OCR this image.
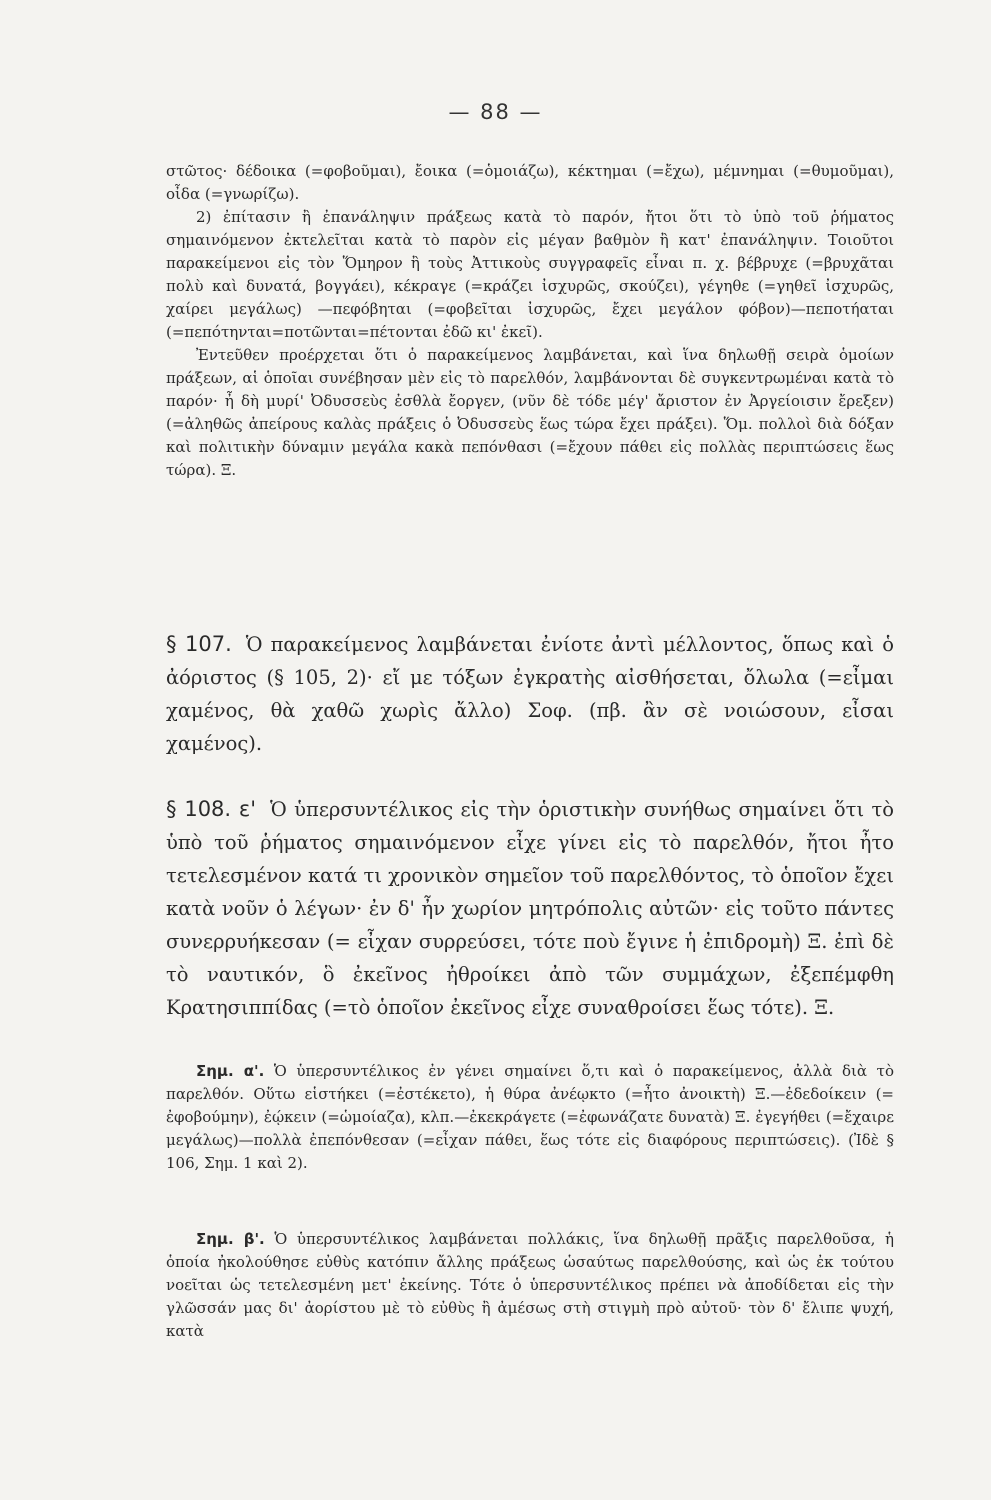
— 88 —

στῶτος· δέδοικα (=φοβοῦμαι), ἔοικα (=ὁμοιάζω), κέκτημαι (=ἔχω), μέμνημαι (=θυμοῦμαι), οἶδα (=γνωρίζω).

2) ἐπίτασιν ἢ ἐπανάληψιν πράξεως κατὰ τὸ παρόν, ἤτοι ὅτι τὸ ὑπὸ τοῦ ῥήματος σημαινόμενον ἐκτελεῖται κατὰ τὸ παρὸν εἰς μέγαν βαθμὸν ἢ κατ' ἐπανάληψιν. Τοιοῦτοι παρακείμενοι εἰς τὸν Ὅμηρον ἢ τοὺς Ἀττικοὺς συγγραφεῖς εἶναι π. χ. βέβρυχε (=βρυχᾶται πολὺ καὶ δυνατά, βογγάει), κέκραγε (=κράζει ἰσχυρῶς, σκούζει), γέγηθε (=γηθεῖ ἰσχυρῶς, χαίρει μεγάλως) —πεφόβηται (=φοβεῖται ἰσχυρῶς, ἔχει μεγάλον φόβον)—πεποτήαται (=πεπότηνται=ποτῶνται=πέτονται ἐδῶ κι' ἐκεῖ).

Ἐντεῦθεν προέρχεται ὅτι ὁ παρακείμενος λαμβάνεται, καὶ ἵνα δηλωθῇ σειρὰ ὁμοίων πράξεων, αἱ ὁποῖαι συνέβησαν μὲν εἰς τὸ παρελθόν, λαμβάνονται δὲ συγκεντρωμέναι κατὰ τὸ παρόν· ἦ δὴ μυρί' Ὀδυσσεὺς ἐσθλὰ ἔοργεν, (νῦν δὲ τόδε μέγ' ἄριστον ἐν Ἀργείοισιν ἔρεξεν) (=ἀληθῶς ἀπείρους καλὰς πράξεις ὁ Ὀδυσσεὺς ἕως τώρα ἔχει πράξει). Ὅμ. πολλοὶ διὰ δόξαν καὶ πολιτικὴν δύναμιν μεγάλα κακὰ πεπόνθασι (=ἔχουν πάθει εἰς πολλὰς περιπτώσεις ἕως τώρα). Ξ.

§ 107. Ὁ παρακείμενος λαμβάνεται ἐνίοτε ἀντὶ μέλλοντος, ὅπως καὶ ὁ ἀόριστος (§ 105, 2)· εἴ με τόξων ἐγκρατὴς αἰσθήσεται, ὄλωλα (=εἶμαι χαμένος, θὰ χαθῶ χωρὶς ἄλλο) Σοφ. (πβ. ἂν σὲ νοιώσουν, εἶσαι χαμένος).
§ 108. ε' Ὁ ὑπερσυντέλικος εἰς τὴν ὁριστικὴν συνήθως σημαίνει ὅτι τὸ ὑπὸ τοῦ ῥήματος σημαινόμενον εἶχε γίνει εἰς τὸ παρελθόν, ἤτοι ἦτο τετελεσμένον κατά τι χρονικὸν σημεῖον τοῦ παρελθόντος, τὸ ὁποῖον ἔχει κατὰ νοῦν ὁ λέγων· ἐν δ' ἦν χωρίον μητρόπολις αὐτῶν· εἰς τοῦτο πάντες συνερρυήκεσαν (= εἶχαν συρρεύσει, τότε ποὺ ἔγινε ἡ ἐπιδρομὴ) Ξ. ἐπὶ δὲ τὸ ναυτικόν, ὃ ἐκεῖνος ἠθροίκει ἀπὸ τῶν συμμάχων, ἐξεπέμφθη Κρατησιππίδας (=τὸ ὁποῖον ἐκεῖνος εἶχε συναθροίσει ἕως τότε). Ξ.

Σημ. α'. Ὁ ὑπερσυντέλικος ἐν γένει σημαίνει ὅ,τι καὶ ὁ παρακείμενος, ἀλλὰ διὰ τὸ παρελθόν. Οὕτω εἱστήκει (=ἐστέκετο), ἡ θύρα ἀνέῳκτο (=ἦτο ἀνοικτὴ) Ξ.—ἐδεδοίκειν (= ἐφοβούμην), ἐῴκειν (=ὡμοίαζα), κλπ.—ἐκεκράγετε (=ἐφωνάζατε δυνατὰ) Ξ. ἐγεγήθει (=ἔχαιρε μεγάλως)—πολλὰ ἐπεπόνθεσαν (=εἶχαν πάθει, ἕως τότε εἰς διαφόρους περιπτώσεις). (Ἰδὲ § 106, Σημ. 1 καὶ 2).

Σημ. β'. Ὁ ὑπερσυντέλικος λαμβάνεται πολλάκις, ἵνα δηλωθῇ πρᾶξις παρελθοῦσα, ἡ ὁποία ἠκολούθησε εὐθὺς κατόπιν ἄλλης πράξεως ὡσαύτως παρελθούσης, καὶ ὡς ἐκ τούτου νοεῖται ὡς τετελεσμένη μετ' ἐκείνης. Τότε ὁ ὑπερσυντέλικος πρέπει νὰ ἀποδίδεται εἰς τὴν γλῶσσάν μας δι' ἀορίστου μὲ τὸ εὐθὺς ἢ ἀμέσως στὴ στιγμὴ πρὸ αὐτοῦ· τὸν δ' ἔλιπε ψυχή, κατὰ
